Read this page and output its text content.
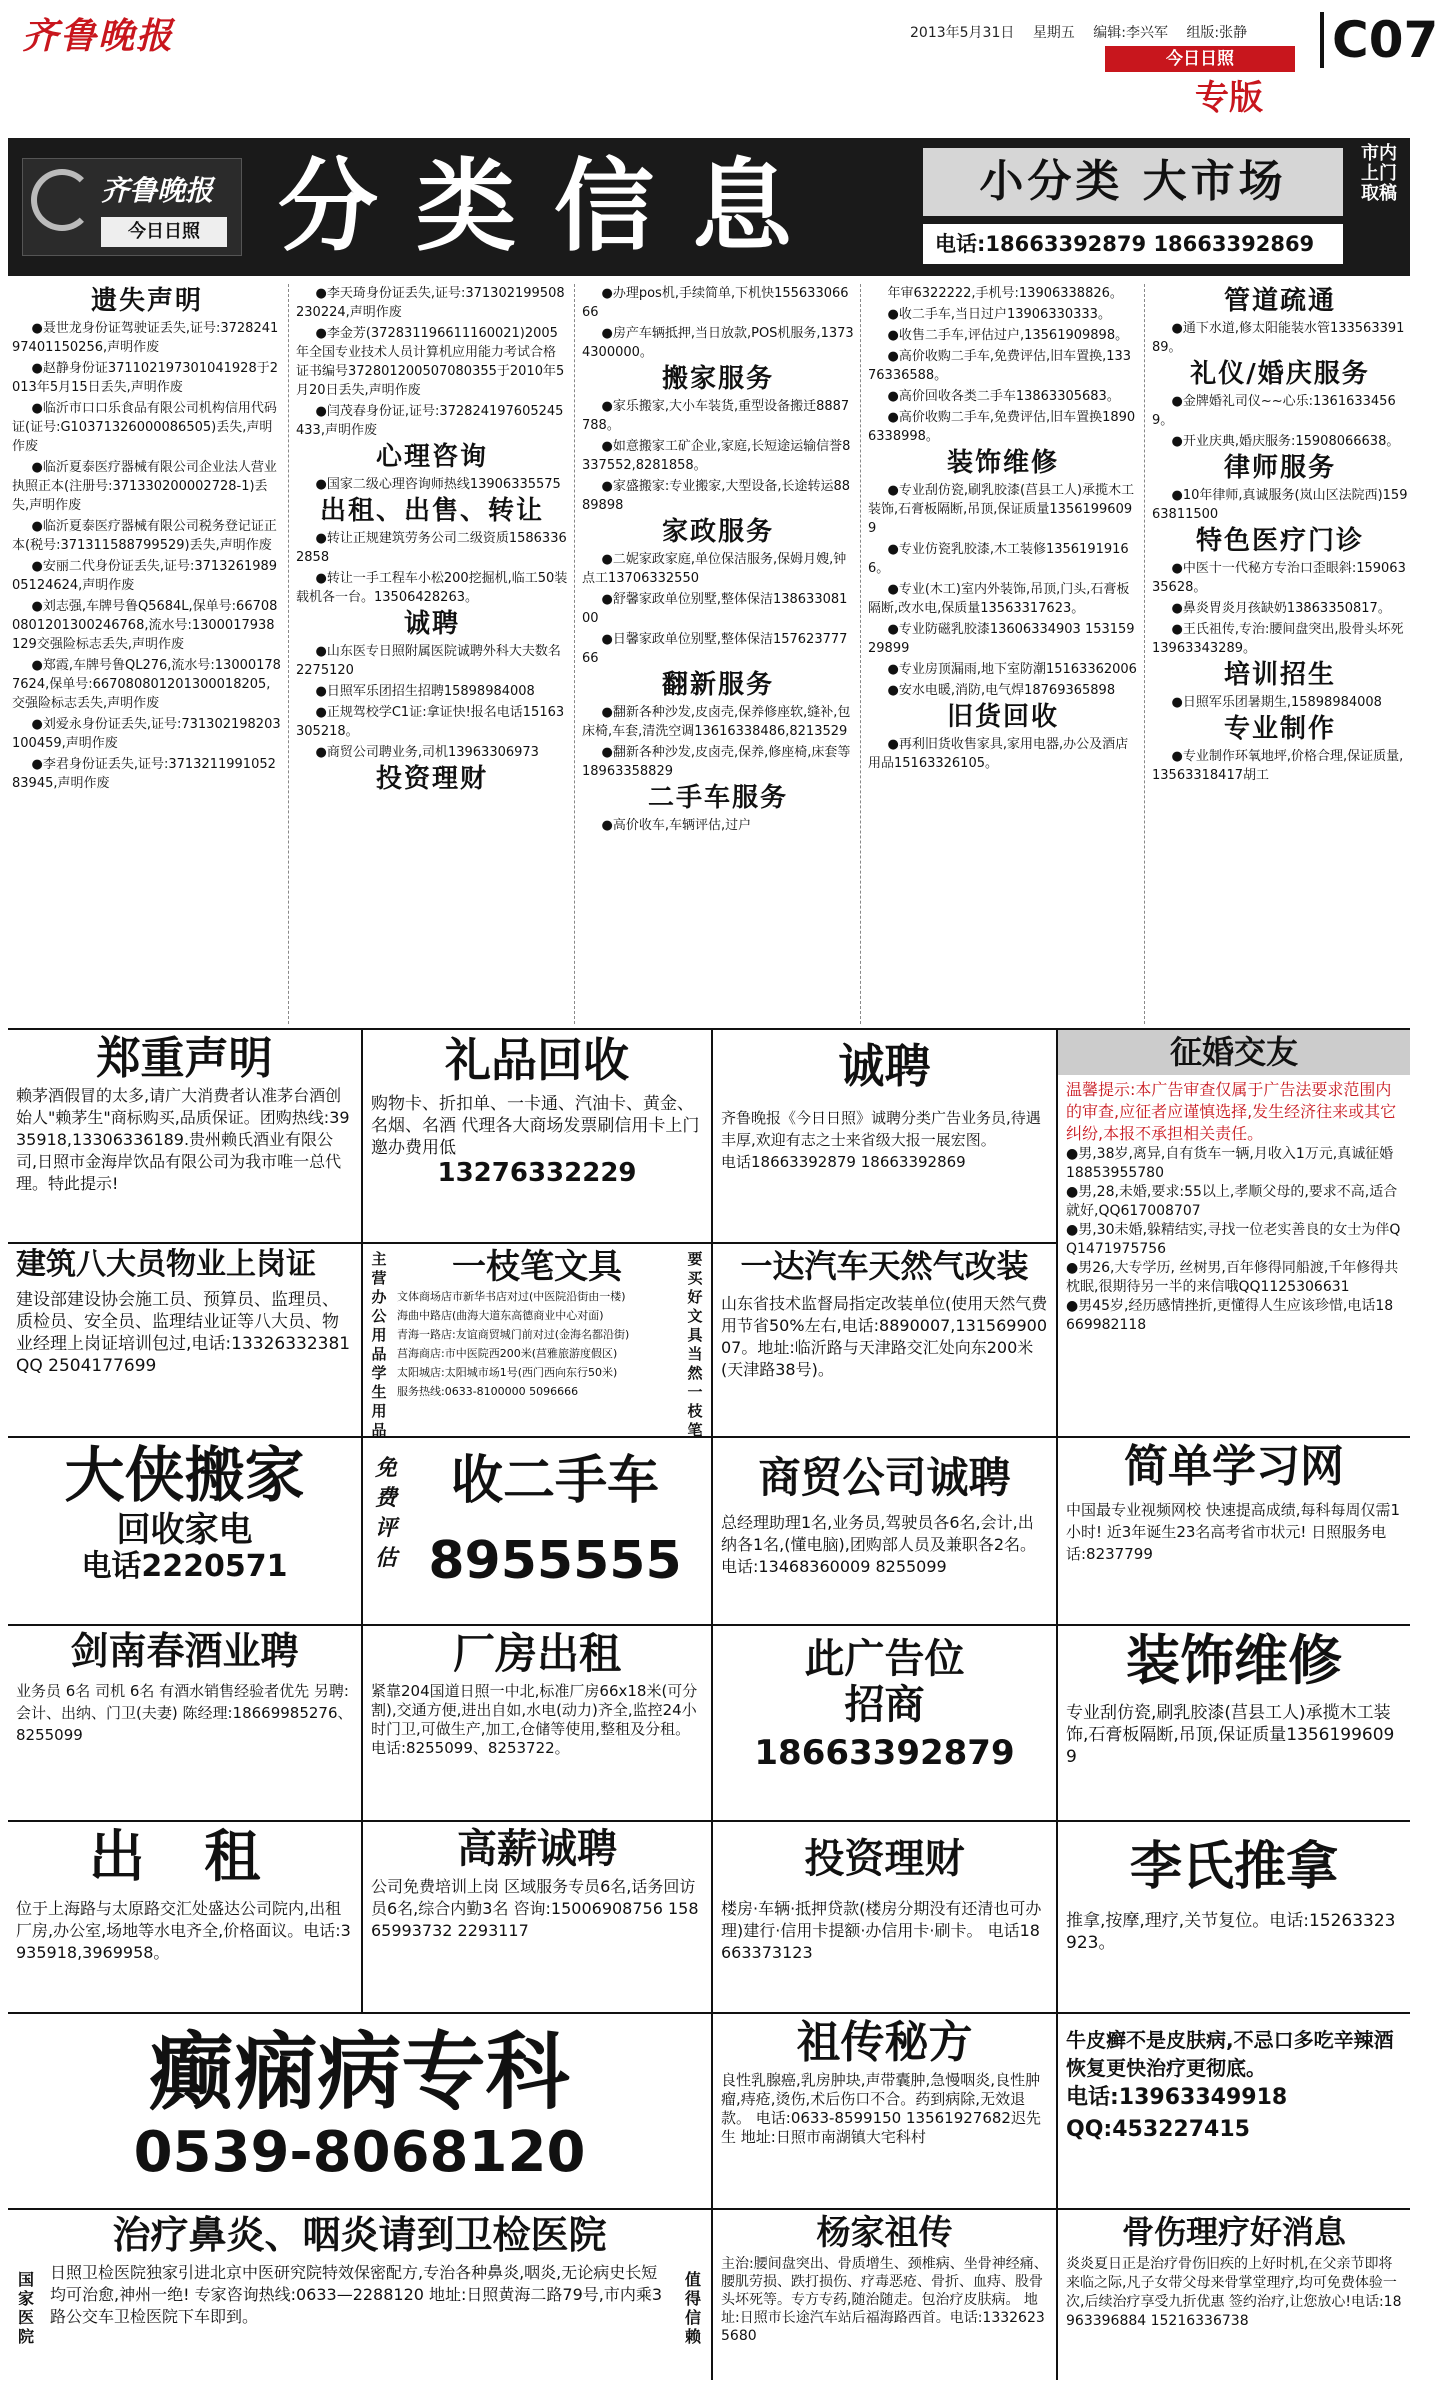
齐鲁晚报	2013年5月31日 星期五 编辑:李兴军 组版:张静
今日日照
专版
C07
齐鲁晚报
今日日照 分类信息	小分类 大市场
电话:18663392879 18663392869
市内上门取稿
遗失声明

●聂世龙身份证驾驶证丢失,证号:372824197401150256,声明作废

●赵静身份证371102197301041928于2013年5月15日丢失,声明作废

●临沂市口口乐食品有限公司机构信用代码证(证号:G10371326000086505)丢失,声明作废

●临沂夏泰医疗器械有限公司企业法人营业执照正本(注册号:371330200002728-1)丢失,声明作废

●临沂夏泰医疗器械有限公司税务登记证正本(税号:371311588799529)丢失,声明作废

●安丽二代身份证丢失,证号:371326198905124624,声明作废

●刘志强,车牌号鲁Q5684L,保单号:667080801201300246768,流水号:1300017938129交强险标志丢失,声明作废

●郑霞,车牌号鲁QL276,流水号:130001787624,保单号:667080801201300018205,交强险标志丢失,声明作废

●刘爱永身份证丢失,证号:731302198203100459,声明作废

●李君身份证丢失,证号:371321199105283945,声明作废

●李天琦身份证丢失,证号:371302199508230224,声明作废

●李金芳(372831196611160021)2005年全国专业技术人员计算机应用能力考试合格证书编号372801200507080355于2010年5月20日丢失,声明作废

●闫茂春身份证,证号:372824197605245433,声明作废

心理咨询

●国家二级心理咨询师热线13906335575

出租、出售、转让

●转让正规建筑劳务公司二级资质15863362858

●转让一手工程车小松200挖掘机,临工50装载机各一台。13506428263。

诚聘

●山东医专日照附属医院诚聘外科大夫数名2275120

●日照军乐团招生招聘15898984008

●正规驾校学C1证:拿证快!报名电话15163305218。

●商贸公司聘业务,司机13963306973

投资理财

●办理pos机,手续简单,下机快15563306666

●房产车辆抵押,当日放款,POS机服务,13734300000。

搬家服务

●家乐搬家,大小车装货,重型设备搬迁8887788。

●如意搬家工矿企业,家庭,长短途运输信誉8337552,8281858。

●家盛搬家:专业搬家,大型设备,长途转运8889898

家政服务

●二妮家政家庭,单位保洁服务,保姆月嫂,钟点工13706332550

●舒馨家政单位别墅,整体保洁13863308100

●日馨家政单位别墅,整体保洁15762377766

翻新服务

●翻新各种沙发,皮卤壳,保养修座软,缝补,包床椅,车套,清洗空调13616338486,8213529

●翻新各种沙发,皮卤壳,保养,修座椅,床套等18963358829

二手车服务

●高价收车,车辆评估,过户

年审6322222,手机号:13906338826。

●收二手车,当日过户13906330333。

●收售二手车,评估过户,13561909898。

●高价收购二手车,免费评估,旧车置换,13376336588。

●高价回收各类二手车13863305683。

●高价收购二手车,免费评估,旧车置换18906338998。

装饰维修

●专业刮仿瓷,刷乳胶漆(莒县工人)承揽木工装饰,石膏板隔断,吊顶,保证质量13561996099

●专业仿瓷乳胶漆,木工装修13561919166。

●专业(木工)室内外装饰,吊顶,门头,石膏板隔断,改水电,保质量13563317623。

●专业防磁乳胶漆13606334903 15315929899

●专业房顶漏雨,地下室防潮15163362006

●安水电暖,消防,电气焊18769365898

旧货回收

●再利旧货收售家具,家用电器,办公及酒店用品15163326105。

管道疏通

●通下水道,修太阳能装水管13356339189。

礼仪/婚庆服务

●金牌婚礼司仪~~心乐:13616334569。

●开业庆典,婚庆服务:15908066638。

律师服务

●10年律师,真诚服务(岚山区法院西)15963811500

特色医疗门诊

●中医十一代秘方专治口歪眼斜:15906335628。

●鼻炎胃炎月孩缺奶13863350817。

●王氏祖传,专治:腰间盘突出,股骨头坏死13963343289。

培训招生

●日照军乐团暑期生,15898984008

专业制作

●专业制作环氧地坪,价格合理,保证质量,13563318417胡工

郑重声明
赖茅酒假冒的太多,请广大消费者认准茅台酒创始人"赖茅生"商标购买,品质保证。团购热线:3935918,13306336189.贵州赖氏酒业有限公司,日照市金海岸饮品有限公司为我市唯一总代理。特此提示!
礼品回收
购物卡、折扣单、一卡通、汽油卡、黄金、名烟、名酒 代理各大商场发票刷信用卡上门邀办费用低
13276332229
诚聘
齐鲁晚报《今日日照》诚聘分类广告业务员,待遇丰厚,欢迎有志之士来省级大报一展宏图。
电话18663392879 18663392869
征婚交友
温馨提示:本广告审查仅属于广告法要求范围内的审查,应征者应谨慎选择,发生经济往来或其它纠纷,本报不承担相关责任。

●男,38岁,离异,自有货车一辆,月收入1万元,真诚征婚18853955780

●男,28,未婚,要求:55以上,孝顺父母的,要求不高,适合就好,QQ617008707

●男,30未婚,躲精结实,寻找一位老实善良的女士为伴QQ1471975756

●男26,大专学历, 丝树男,百年修得同船渡,千年修得共枕眠,很期待另一半的来信哦QQ1125306631

●男45岁,经历感情挫折,更懂得人生应该珍惜,电话18669982118

建筑八大员物业上岗证
建设部建设协会施工员、预算员、监理员、质检员、安全员、监理结业证等八大员、物业经理上岗证培训包过,电话:13326332381 QQ 2504177699
主营 办公用品 学生用品
要买好文具 当然一枝笔
一枝笔文具

文体商场店市新华书店对过(中医院沿街由一楼)

海曲中路店(曲海大道东高德商业中心对面)

青海一路店:友谊商贸城门前对过(金海名都沿街)

莒海商店:市中医院西200米(莒雅旅游度假区)

太阳城店:太阳城市场1号(西门西向东行50米)

服务热线:0633-8100000 5096666

一达汽车天然气改装
山东省技术监督局指定改装单位(使用天然气费用节省50%左右,电话:8890007,13156990007。地址:临沂路与天津路交汇处向东200米(天津路38号)。
大侠搬家
回收家电
电话2220571
免费评估
收二手车
8955555
商贸公司诚聘
总经理助理1名,业务员,驾驶员各6名,会计,出纳各1名,(懂电脑),团购部人员及兼职各2名。电话:13468360009 8255099
简单学习网
中国最专业视频网校 快速提高成绩,每科每周仅需1小时! 近3年诞生23名高考省市状元! 日照服务电话:8237799
剑南春酒业聘
业务员 6名 司机 6名 有酒水销售经验者优先 另聘:会计、出纳、门卫(夫妻) 陈经理:18669985276、8255099
厂房出租
紧靠204国道日照一中北,标准厂房66x18米(可分割),交通方便,进出自如,水电(动力)齐全,监控24小时门卫,可做生产,加工,仓储等使用,整租及分租。电话:8255099、8253722。
此广告位
招商
18663392879
装饰维修
专业刮仿瓷,刷乳胶漆(莒县工人)承揽木工装饰,石膏板隔断,吊顶,保证质量13561996099
出 租
位于上海路与太原路交汇处盛达公司院内,出租厂房,办公室,场地等水电齐全,价格面议。电话:3935918,3969958。
高薪诚聘
公司免费培训上岗 区域服务专员6名,话务回访员6名,综合内勤3名 咨询:15006908756 15865993732 2293117
投资理财
楼房·车辆·抵押贷款(楼房分期没有还清也可办理)建行·信用卡提额·办信用卡·刷卡。 电话18663373123
李氏推拿
推拿,按摩,理疗,关节复位。电话:15263323923。
癫痫病专科
0539-8068120
祖传秘方
良性乳腺癌,乳房肿块,声带囊肿,急慢咽炎,良性肿瘤,痔疮,烫伤,术后伤口不合。药到病除,无效退款。 电话:0633-8599150 13561927682迟先生 地址:日照市南湖镇大宅科村
牛皮癣不是皮肤病,不忌口多吃辛辣酒恢复更快治疗更彻底。
电话:13963349918
QQ:453227415
治疗鼻炎、咽炎请到卫检医院
国家医院
值得信赖
日照卫检医院独家引进北京中医研究院特效保密配方,专治各种鼻炎,咽炎,无论病史长短均可治愈,神州一绝! 专家咨询热线:0633—2288120 地址:日照黄海二路79号,市内乘3路公交车卫检医院下车即到。
杨家祖传
主治:腰间盘突出、骨质增生、颈椎病、坐骨神经痛、腰肌劳损、跌打损伤、疗毒恶疮、骨折、血痔、股骨头坏死等。专方专药,随治随走。包治疗皮肤病。 地址:日照市长途汽车站后福海路西首。电话:13326235680
骨伤理疗好消息
炎炎夏日正是治疗骨伤旧疾的上好时机,在父亲节即将来临之际,凡子女带父母来骨掌堂理疗,均可免费体验一次,后续治疗享受九折优惠 签约治疗,让您放心!电话:18963396884 15216336738
